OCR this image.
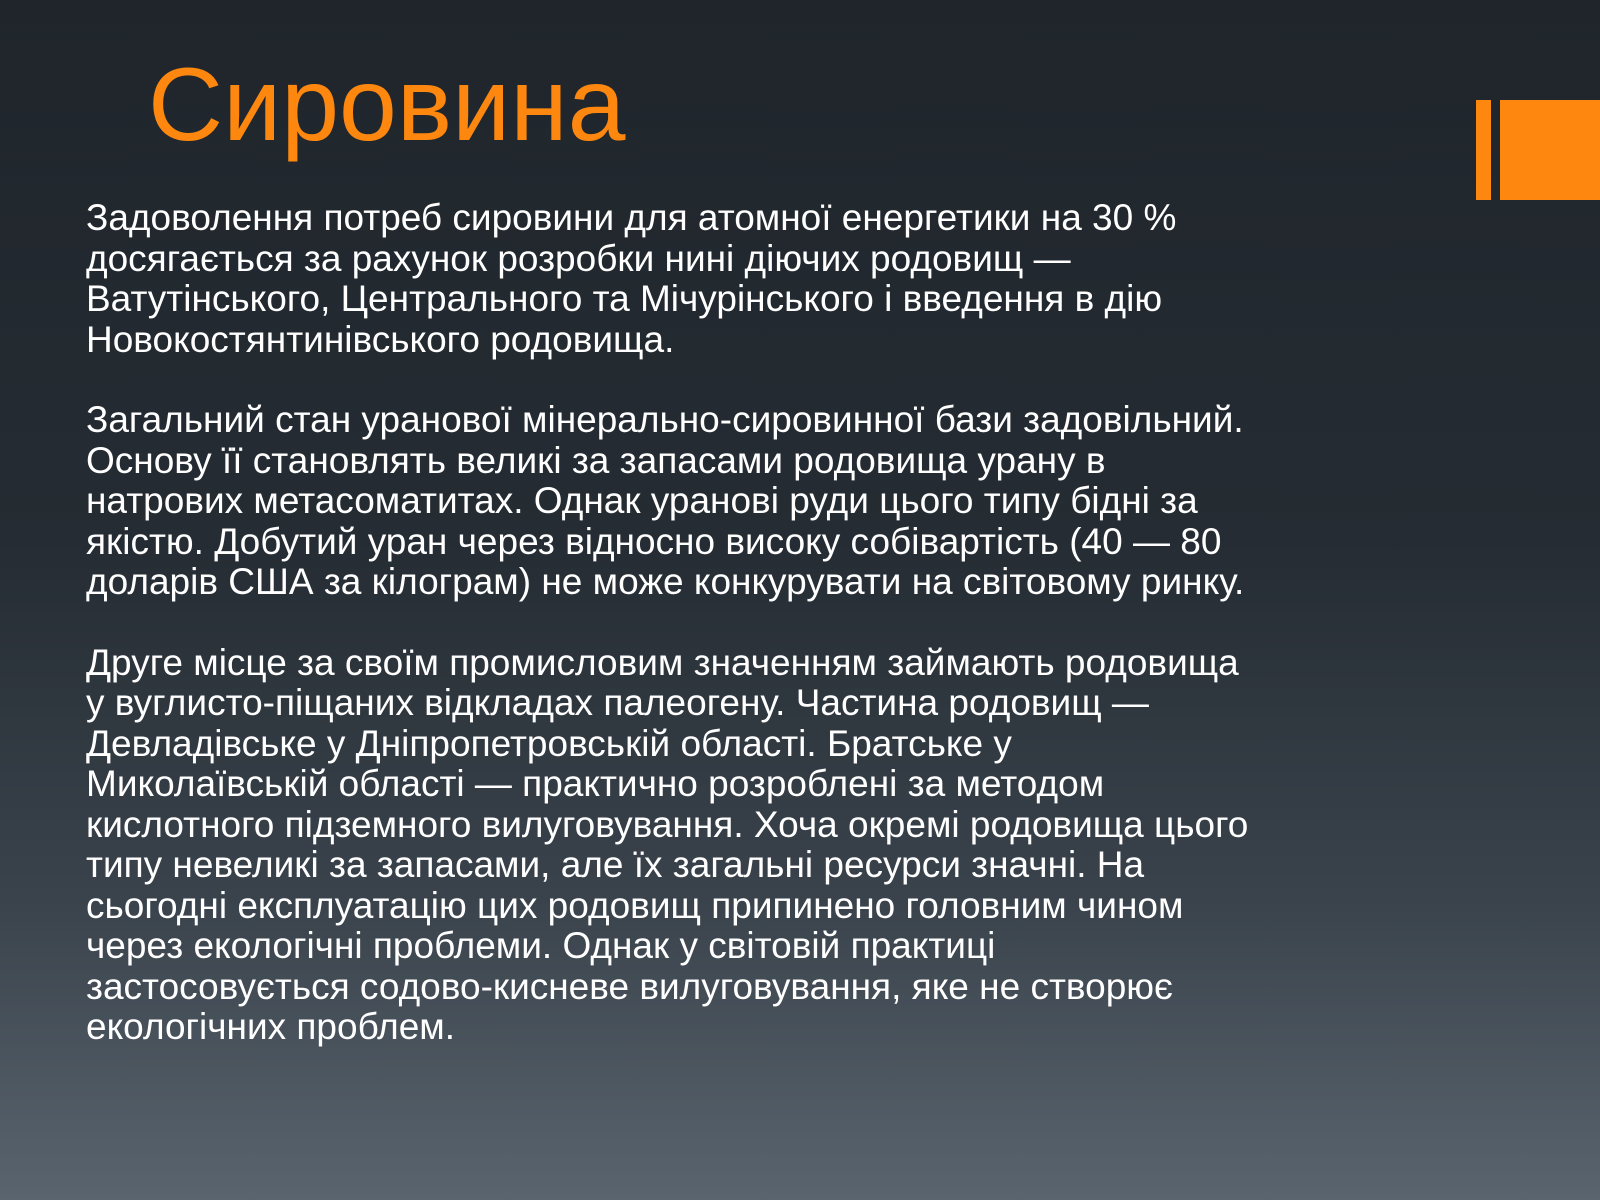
Сировина

Задоволення потреб сировини для атомної енергетики на 30 %
досягається за рахунок розробки нині діючих родовищ —
Ватутінського, Центрального та Мічурінського і введення в дію
Новокостянтинівського родовища.

Загальний стан уранової мінерально-сировинної бази задовільний.
Основу її становлять великі за запасами родовища урану в
натрових метасоматитах. Однак уранові руди цього типу бідні за
якістю. Добутий уран через відносно високу собівартість (40 — 80
доларів США за кілограм) не може конкурувати на світовому ринку.

Друге місце за своїм промисловим значенням займають родовища
у вуглисто-піщаних відкладах палеогену. Частина родовищ —
Девладівське у Дніпропетровській області. Братське у
Миколаївській області — практично розроблені за методом
кислотного підземного вилуговування. Хоча окремі родовища цього
типу невеликі за запасами, але їх загальні ресурси значні. На
сьогодні експлуатацію цих родовищ припинено головним чином
через екологічні проблеми. Однак у світовій практиці
застосовується содово-кисневе вилуговування, яке не створює
екологічних проблем.
